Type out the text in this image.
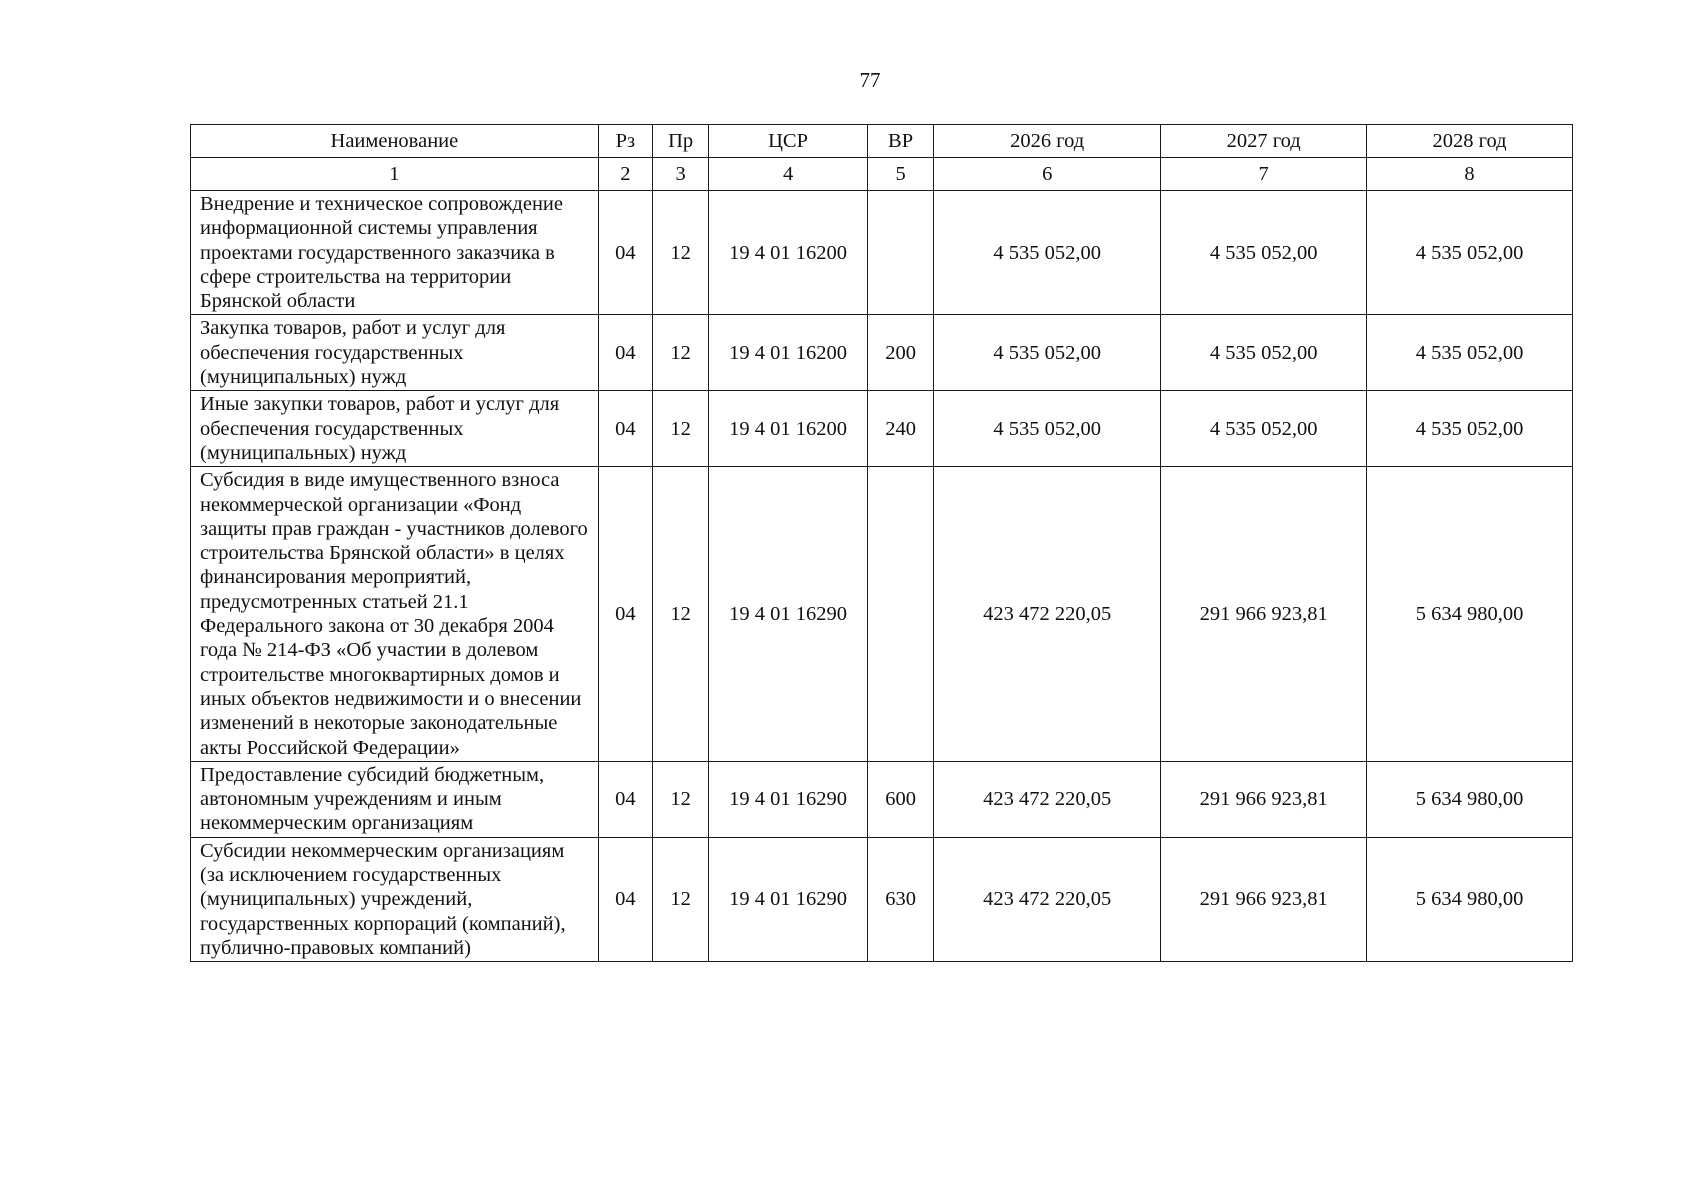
77
Наименование	Рз	Пр	ЦСР	ВР	2026 год	2027 год	2028 год
1	2	3	4	5	6	7	8
Внедрение и техническое сопровождение информационной системы управления проектами государственного заказчика в сфере строительства на территории Брянской области	04	12	19 4 01 16200		4 535 052,00	4 535 052,00	4 535 052,00
Закупка товаров, работ и услуг для обеспечения государственных (муниципальных) нужд	04	12	19 4 01 16200	200	4 535 052,00	4 535 052,00	4 535 052,00
Иные закупки товаров, работ и услуг для обеспечения государственных (муниципальных) нужд	04	12	19 4 01 16200	240	4 535 052,00	4 535 052,00	4 535 052,00
Субсидия в виде имущественного взноса некоммерческой организации «Фонд защиты прав граждан - участников долевого строительства Брянской области» в целях финансирования мероприятий, предусмотренных статьей 21.1 Федерального закона от 30 декабря 2004 года № 214-ФЗ «Об участии в долевом строительстве многоквартирных домов и иных объектов недвижимости и о внесении изменений в некоторые законодательные акты Российской Федерации»	04	12	19 4 01 16290		423 472 220,05	291 966 923,81	5 634 980,00
Предоставление субсидий бюджетным, автономным учреждениям и иным некоммерческим организациям	04	12	19 4 01 16290	600	423 472 220,05	291 966 923,81	5 634 980,00
Субсидии некоммерческим организациям (за исключением государственных (муниципальных) учреждений, государственных корпораций (компаний), публично-правовых компаний)	04	12	19 4 01 16290	630	423 472 220,05	291 966 923,81	5 634 980,00
